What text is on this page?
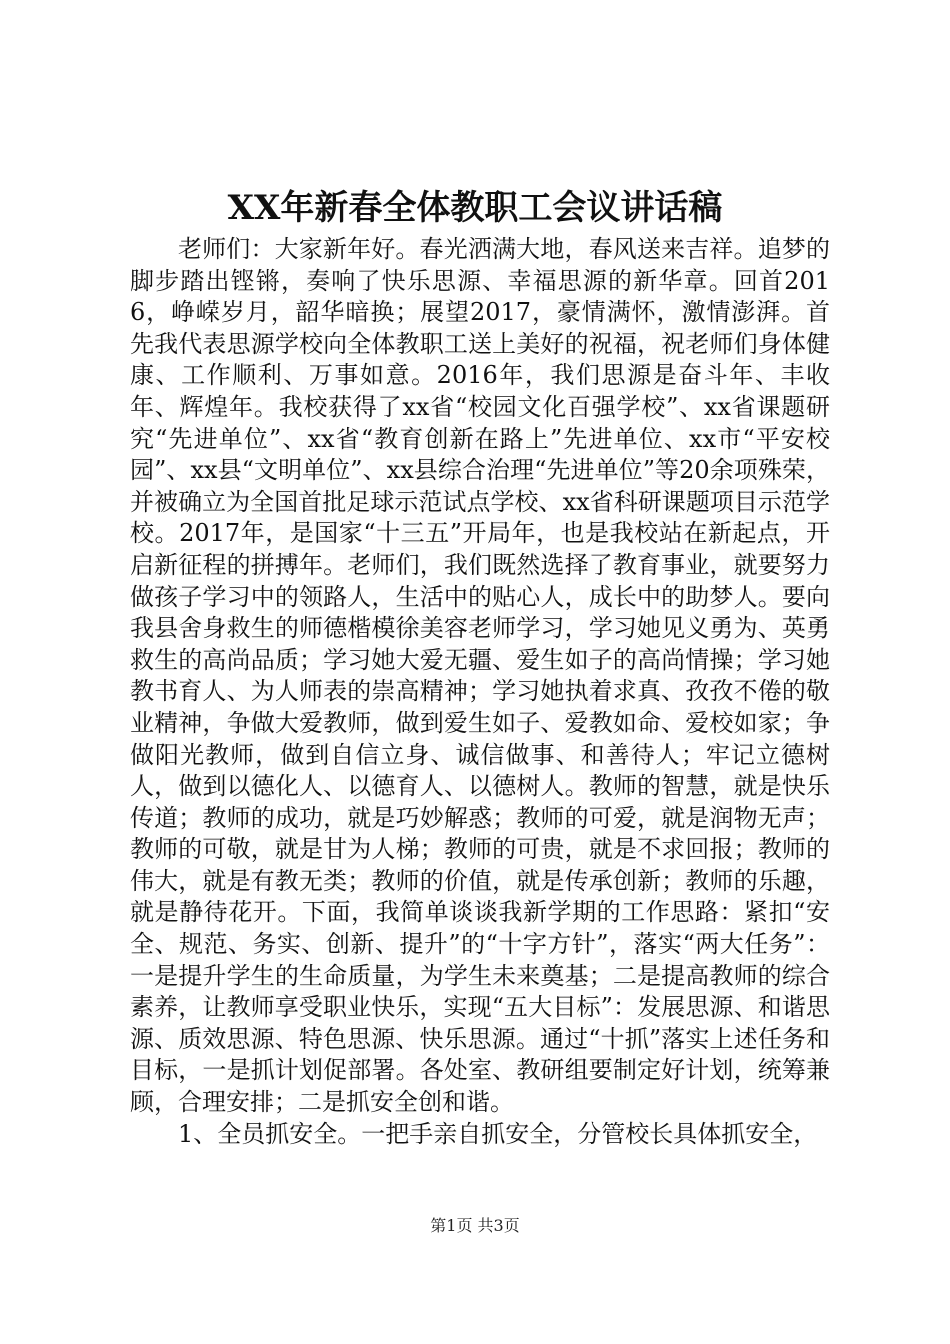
XX年新春全体教职工会议讲话稿

老师们：大家新年好。春光洒满大地，春风送来吉祥。追梦的脚步踏出铿锵，奏响了快乐思源、幸福思源的新华章。回首2016，峥嵘岁月，韶华暗换；展望2017，豪情满怀，激情澎湃。首先我代表思源学校向全体教职工送上美好的祝福，祝老师们身体健康、工作顺利、万事如意。2016年，我们思源是奋斗年、丰收年、辉煌年。我校获得了xx省“校园文化百强学校”、xx省课题研究“先进单位”、xx省“教育创新在路上”先进单位、xx市“平安校园”、xx县“文明单位”、xx县综合治理“先进单位”等20余项殊荣，并被确立为全国首批足球示范试点学校、xx省科研课题项目示范学校。2017年，是国家“十三五”开局年，也是我校站在新起点，开启新征程的拼搏年。老师们，我们既然选择了教育事业，就要努力做孩子学习中的领路人，生活中的贴心人，成长中的助梦人。要向我县舍身救生的师德楷模徐美容老师学习，学习她见义勇为、英勇救生的高尚品质；学习她大爱无疆、爱生如子的高尚情操；学习她教书育人、为人师表的崇高精神；学习她执着求真、孜孜不倦的敬业精神，争做大爱教师，做到爱生如子、爱教如命、爱校如家；争做阳光教师，做到自信立身、诚信做事、和善待人；牢记立德树人，做到以德化人、以德育人、以德树人。教师的智慧，就是快乐传道；教师的成功，就是巧妙解惑；教师的可爱，就是润物无声；教师的可敬，就是甘为人梯；教师的可贵，就是不求回报；教师的伟大，就是有教无类；教师的价值，就是传承创新；教师的乐趣，就是静待花开。下面，我简单谈谈我新学期的工作思路：紧扣“安全、规范、务实、创新、提升”的“十字方针”，落实“两大任务”：一是提升学生的生命质量，为学生未来奠基；二是提高教师的综合素养，让教师享受职业快乐，实现“五大目标”：发展思源、和谐思源、质效思源、特色思源、快乐思源。通过“十抓”落实上述任务和目标，一是抓计划促部署。各处室、教研组要制定好计划，统筹兼顾，合理安排；二是抓安全创和谐。

1、全员抓安全。一把手亲自抓安全，分管校长具体抓安全，

第1页 共3页
